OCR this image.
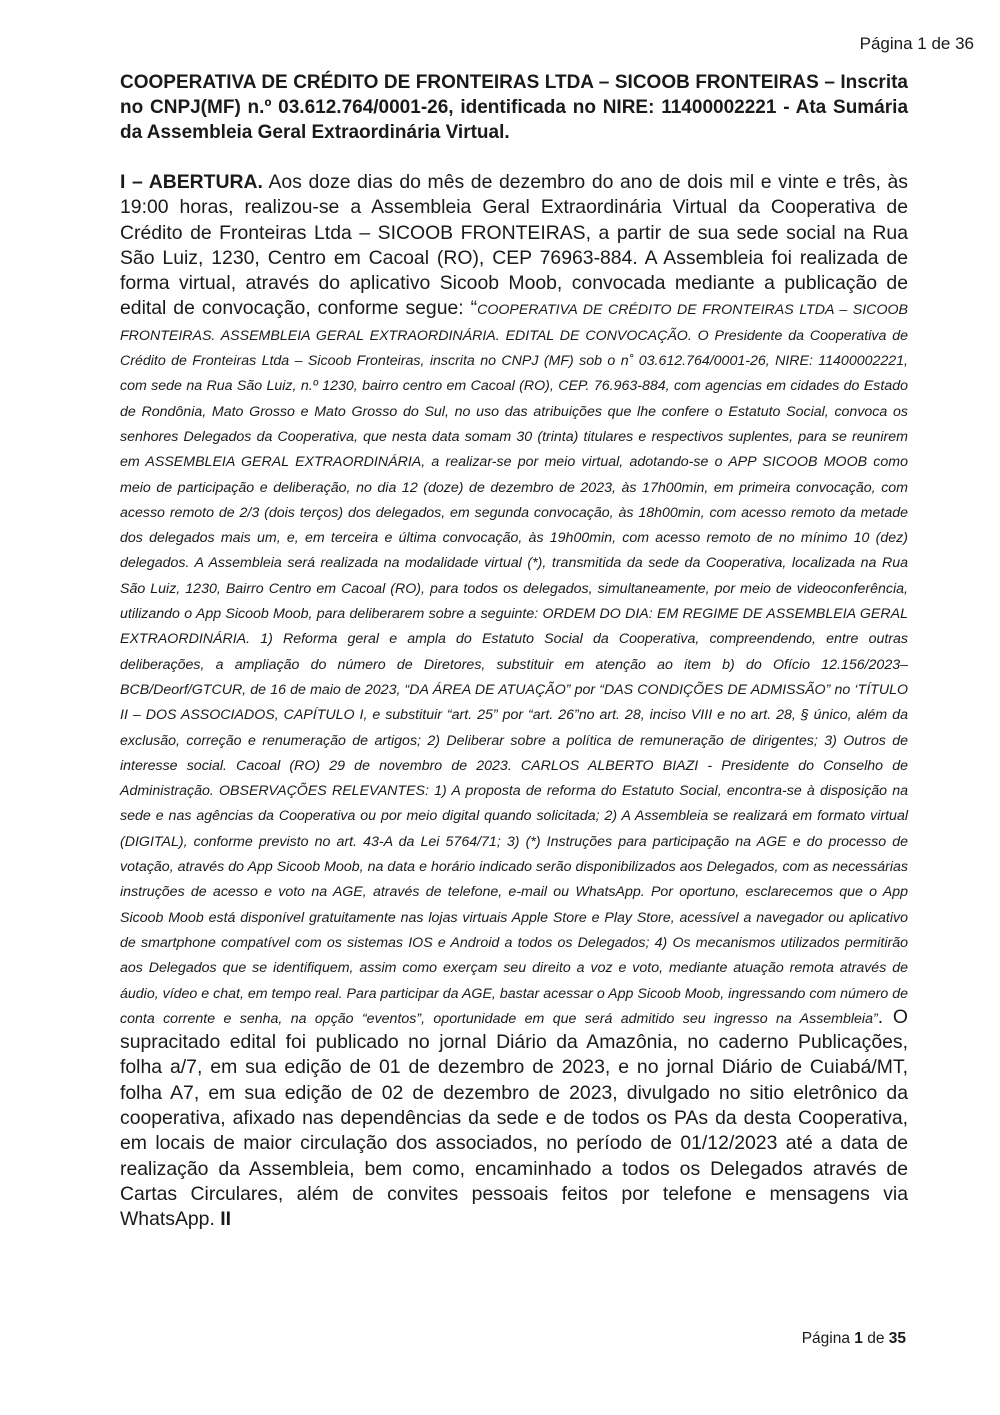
Página 1 de 36
COOPERATIVA DE CRÉDITO DE FRONTEIRAS LTDA – SICOOB FRONTEIRAS – Inscrita no CNPJ(MF) n.º 03.612.764/0001-26, identificada no NIRE: 11400002221 - Ata Sumária da Assembleia Geral Extraordinária Virtual.

I – ABERTURA. Aos doze dias do mês de dezembro do ano de dois mil e vinte e três, às 19:00 horas, realizou-se a Assembleia Geral Extraordinária Virtual da Cooperativa de Crédito de Fronteiras Ltda – SICOOB FRONTEIRAS, a partir de sua sede social na Rua São Luiz, 1230, Centro em Cacoal (RO), CEP 76963-884. A Assembleia foi realizada de forma virtual, através do aplicativo Sicoob Moob, convocada mediante a publicação de edital de convocação, conforme segue: “COOPERATIVA DE CRÉDITO DE FRONTEIRAS LTDA – SICOOB FRONTEIRAS. ASSEMBLEIA GERAL EXTRAORDINÁRIA. EDITAL DE CONVOCAÇÃO. O Presidente da Cooperativa de Crédito de Fronteiras Ltda – Sicoob Fronteiras, inscrita no CNPJ (MF) sob o n˚ 03.612.764/0001-26, NIRE: 11400002221, com sede na Rua São Luiz, n.º 1230, bairro centro em Cacoal (RO), CEP. 76.963-884, com agencias em cidades do Estado de Rondônia, Mato Grosso e Mato Grosso do Sul, no uso das atribuições que lhe confere o Estatuto Social, convoca os senhores Delegados da Cooperativa, que nesta data somam 30 (trinta) titulares e respectivos suplentes, para se reunirem em ASSEMBLEIA GERAL EXTRAORDINÁRIA, a realizar-se por meio virtual, adotando-se o APP SICOOB MOOB como meio de participação e deliberação, no dia 12 (doze) de dezembro de 2023, às 17h00min, em primeira convocação, com acesso remoto de 2/3 (dois terços) dos delegados, em segunda convocação, às 18h00min, com acesso remoto da metade dos delegados mais um, e, em terceira e última convocação, às 19h00min, com acesso remoto de no mínimo 10 (dez) delegados. A Assembleia será realizada na modalidade virtual (*), transmitida da sede da Cooperativa, localizada na Rua São Luiz, 1230, Bairro Centro em Cacoal (RO), para todos os delegados, simultaneamente, por meio de videoconferência, utilizando o App Sicoob Moob, para deliberarem sobre a seguinte: ORDEM DO DIA: EM REGIME DE ASSEMBLEIA GERAL EXTRAORDINÁRIA. 1) Reforma geral e ampla do Estatuto Social da Cooperativa, compreendendo, entre outras deliberações, a ampliação do número de Diretores, substituir em atenção ao item b) do Ofício 12.156/2023–BCB/Deorf/GTCUR, de 16 de maio de 2023, “DA ÁREA DE ATUAÇÃO” por “DAS CONDIÇÕES DE ADMISSÃO” no ‘TÍTULO II – DOS ASSOCIADOS, CAPÍTULO I, e substituir “art. 25” por “art. 26”no art. 28, inciso VIII e no art. 28, § único, além da exclusão, correção e renumeração de artigos; 2) Deliberar sobre a política de remuneração de dirigentes; 3) Outros de interesse social. Cacoal (RO) 29 de novembro de 2023. CARLOS ALBERTO BIAZI - Presidente do Conselho de Administração. OBSERVAÇÕES RELEVANTES: 1) A proposta de reforma do Estatuto Social, encontra-se à disposição na sede e nas agências da Cooperativa ou por meio digital quando solicitada; 2) A Assembleia se realizará em formato virtual (DIGITAL), conforme previsto no art. 43-A da Lei 5764/71; 3) (*) Instruções para participação na AGE e do processo de votação, através do App Sicoob Moob, na data e horário indicado serão disponibilizados aos Delegados, com as necessárias instruções de acesso e voto na AGE, através de telefone, e-mail ou WhatsApp. Por oportuno, esclarecemos que o App Sicoob Moob está disponível gratuitamente nas lojas virtuais Apple Store e Play Store, acessível a navegador ou aplicativo de smartphone compatível com os sistemas IOS e Android a todos os Delegados; 4) Os mecanismos utilizados permitirão aos Delegados que se identifiquem, assim como exerçam seu direito a voz e voto, mediante atuação remota através de áudio, vídeo e chat, em tempo real. Para participar da AGE, bastar acessar o App Sicoob Moob, ingressando com número de conta corrente e senha, na opção “eventos”, oportunidade em que será admitido seu ingresso na Assembleia”. O supracitado edital foi publicado no jornal Diário da Amazônia, no caderno Publicações, folha a/7, em sua edição de 01 de dezembro de 2023, e no jornal Diário de Cuiabá/MT, folha A7, em sua edição de 02 de dezembro de 2023, divulgado no sitio eletrônico da cooperativa, afixado nas dependências da sede e de todos os PAs da desta Cooperativa, em locais de maior circulação dos associados, no período de 01/12/2023 até a data de realização da Assembleia, bem como, encaminhado a todos os Delegados através de Cartas Circulares, além de convites pessoais feitos por telefone e mensagens via WhatsApp. II

Página 1 de 35
